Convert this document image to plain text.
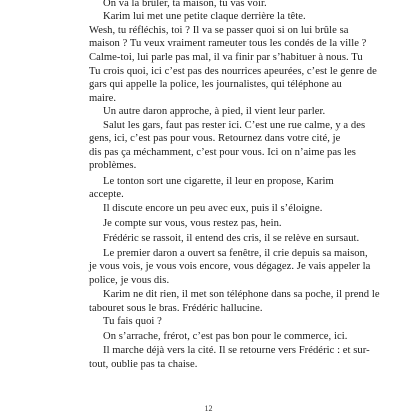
On va la brûler, ta maison, tu vas voir.
Karim lui met une petite claque derrière la tête.
Wesh, tu réfléchis, toi ? Il va se passer quoi si on lui brûle sa
maison ? Tu veux vraiment rameuter tous les condés de la ville ?
Calme-toi, lui parle pas mal, il va finir par s’habituer à nous. Tu
Tu crois quoi, ici c’est pas des nourrices apeurées, c’est le genre de
gars qui appelle la police, les journalistes, qui téléphone au
maire.
Un autre daron approche, à pied, il vient leur parler.
Salut les gars, faut pas rester ici. C’est une rue calme, y a des
gens, ici, c’est pas pour vous. Retournez dans votre cité, je
dis pas ça méchamment, c’est pour vous. Ici on n’aime pas les
problèmes.
Le tonton sort une cigarette, il leur en propose, Karim
accepte.
Il discute encore un peu avec eux, puis il s’éloigne.
Je compte sur vous, vous restez pas, hein.
Frédéric se rassoit, il entend des cris, il se relève en sursaut.
Le premier daron a ouvert sa fenêtre, il crie depuis sa maison,
je vous vois, je vous vois encore, vous dégagez. Je vais appeler la
police, je vous dis.
Karim ne dit rien, il met son téléphone dans sa poche, il prend le
tabouret sous le bras. Frédéric hallucine.
Tu fais quoi ?
On s’arrache, frérot, c’est pas bon pour le commerce, ici.
Il marche déjà vers la cité. Il se retourne vers Frédéric : et sur-
tout, oublie pas ta chaise.
12
